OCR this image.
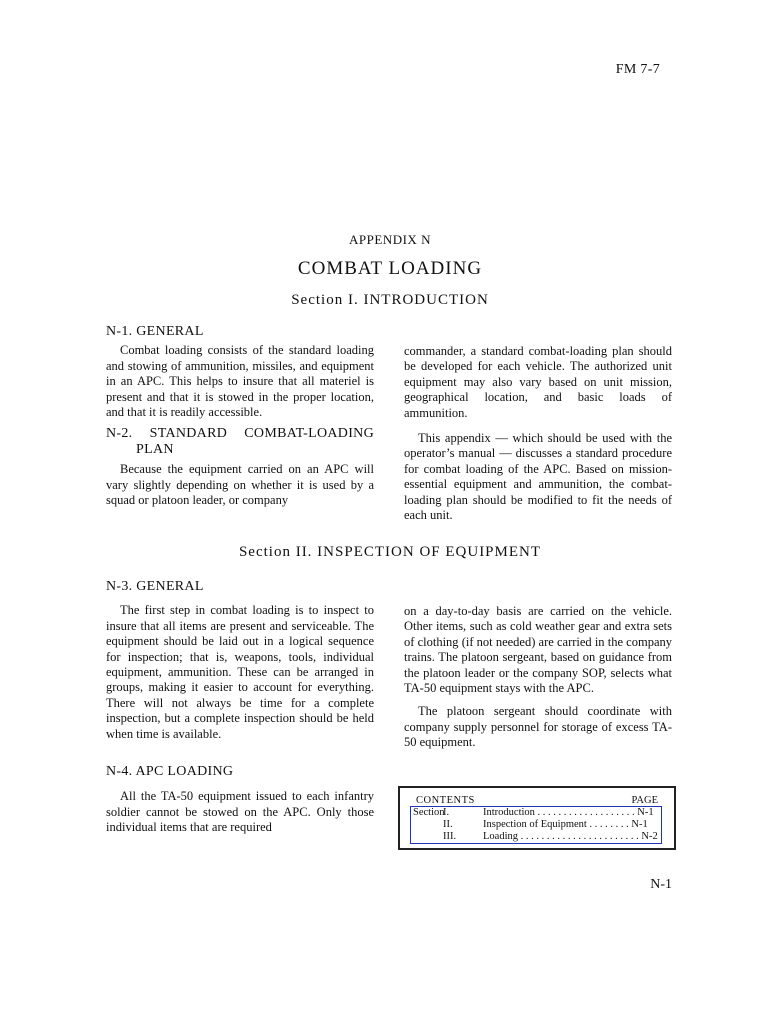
FM 7-7
APPENDIX N
COMBAT LOADING
Section I. INTRODUCTION
N-1. GENERAL

Combat loading consists of the standard loading and stowing of ammunition, missiles, and equipment in an APC. This helps to insure that all materiel is present and that it is stowed in the proper location, and that it is readily accessible.

N-2. STANDARD COMBAT-LOADING PLAN

Because the equipment carried on an APC will vary slightly depending on whether it is used by a squad or platoon leader, or company

commander, a standard combat-loading plan should be developed for each vehicle. The authorized unit equipment may also vary based on unit mission, geographical location, and basic loads of ammunition.

This appendix — which should be used with the operator’s manual — discusses a standard procedure for combat loading of the APC. Based on mission-essential equipment and ammunition, the combat-loading plan should be modified to fit the needs of each unit.

Section II. INSPECTION OF EQUIPMENT
N-3. GENERAL

The first step in combat loading is to inspect to insure that all items are present and serviceable. The equipment should be laid out in a logical sequence for inspection; that is, weapons, tools, individual equipment, ammunition. These can be arranged in groups, making it easier to account for everything. There will not always be time for a complete inspection, but a complete inspection should be held when time is available.

N-4. APC LOADING

All the TA-50 equipment issued to each infantry soldier cannot be stowed on the APC. Only those individual items that are required

on a day-to-day basis are carried on the vehicle. Other items, such as cold weather gear and extra sets of clothing (if not needed) are carried in the company trains. The platoon sergeant, based on guidance from the platoon leader or the company SOP, selects what TA-50 equipment stays with the APC.

The platoon sergeant should coordinate with company supply personnel for storage of excess TA-50 equipment.

CONTENTS	PAGE
Section
I.	Introduction . . . . . . . . . . . . . . . . . . . N-1
II.	Inspection of Equipment . . . . . . . . N-1
III.	Loading . . . . . . . . . . . . . . . . . . . . . . . N-2
N-1
